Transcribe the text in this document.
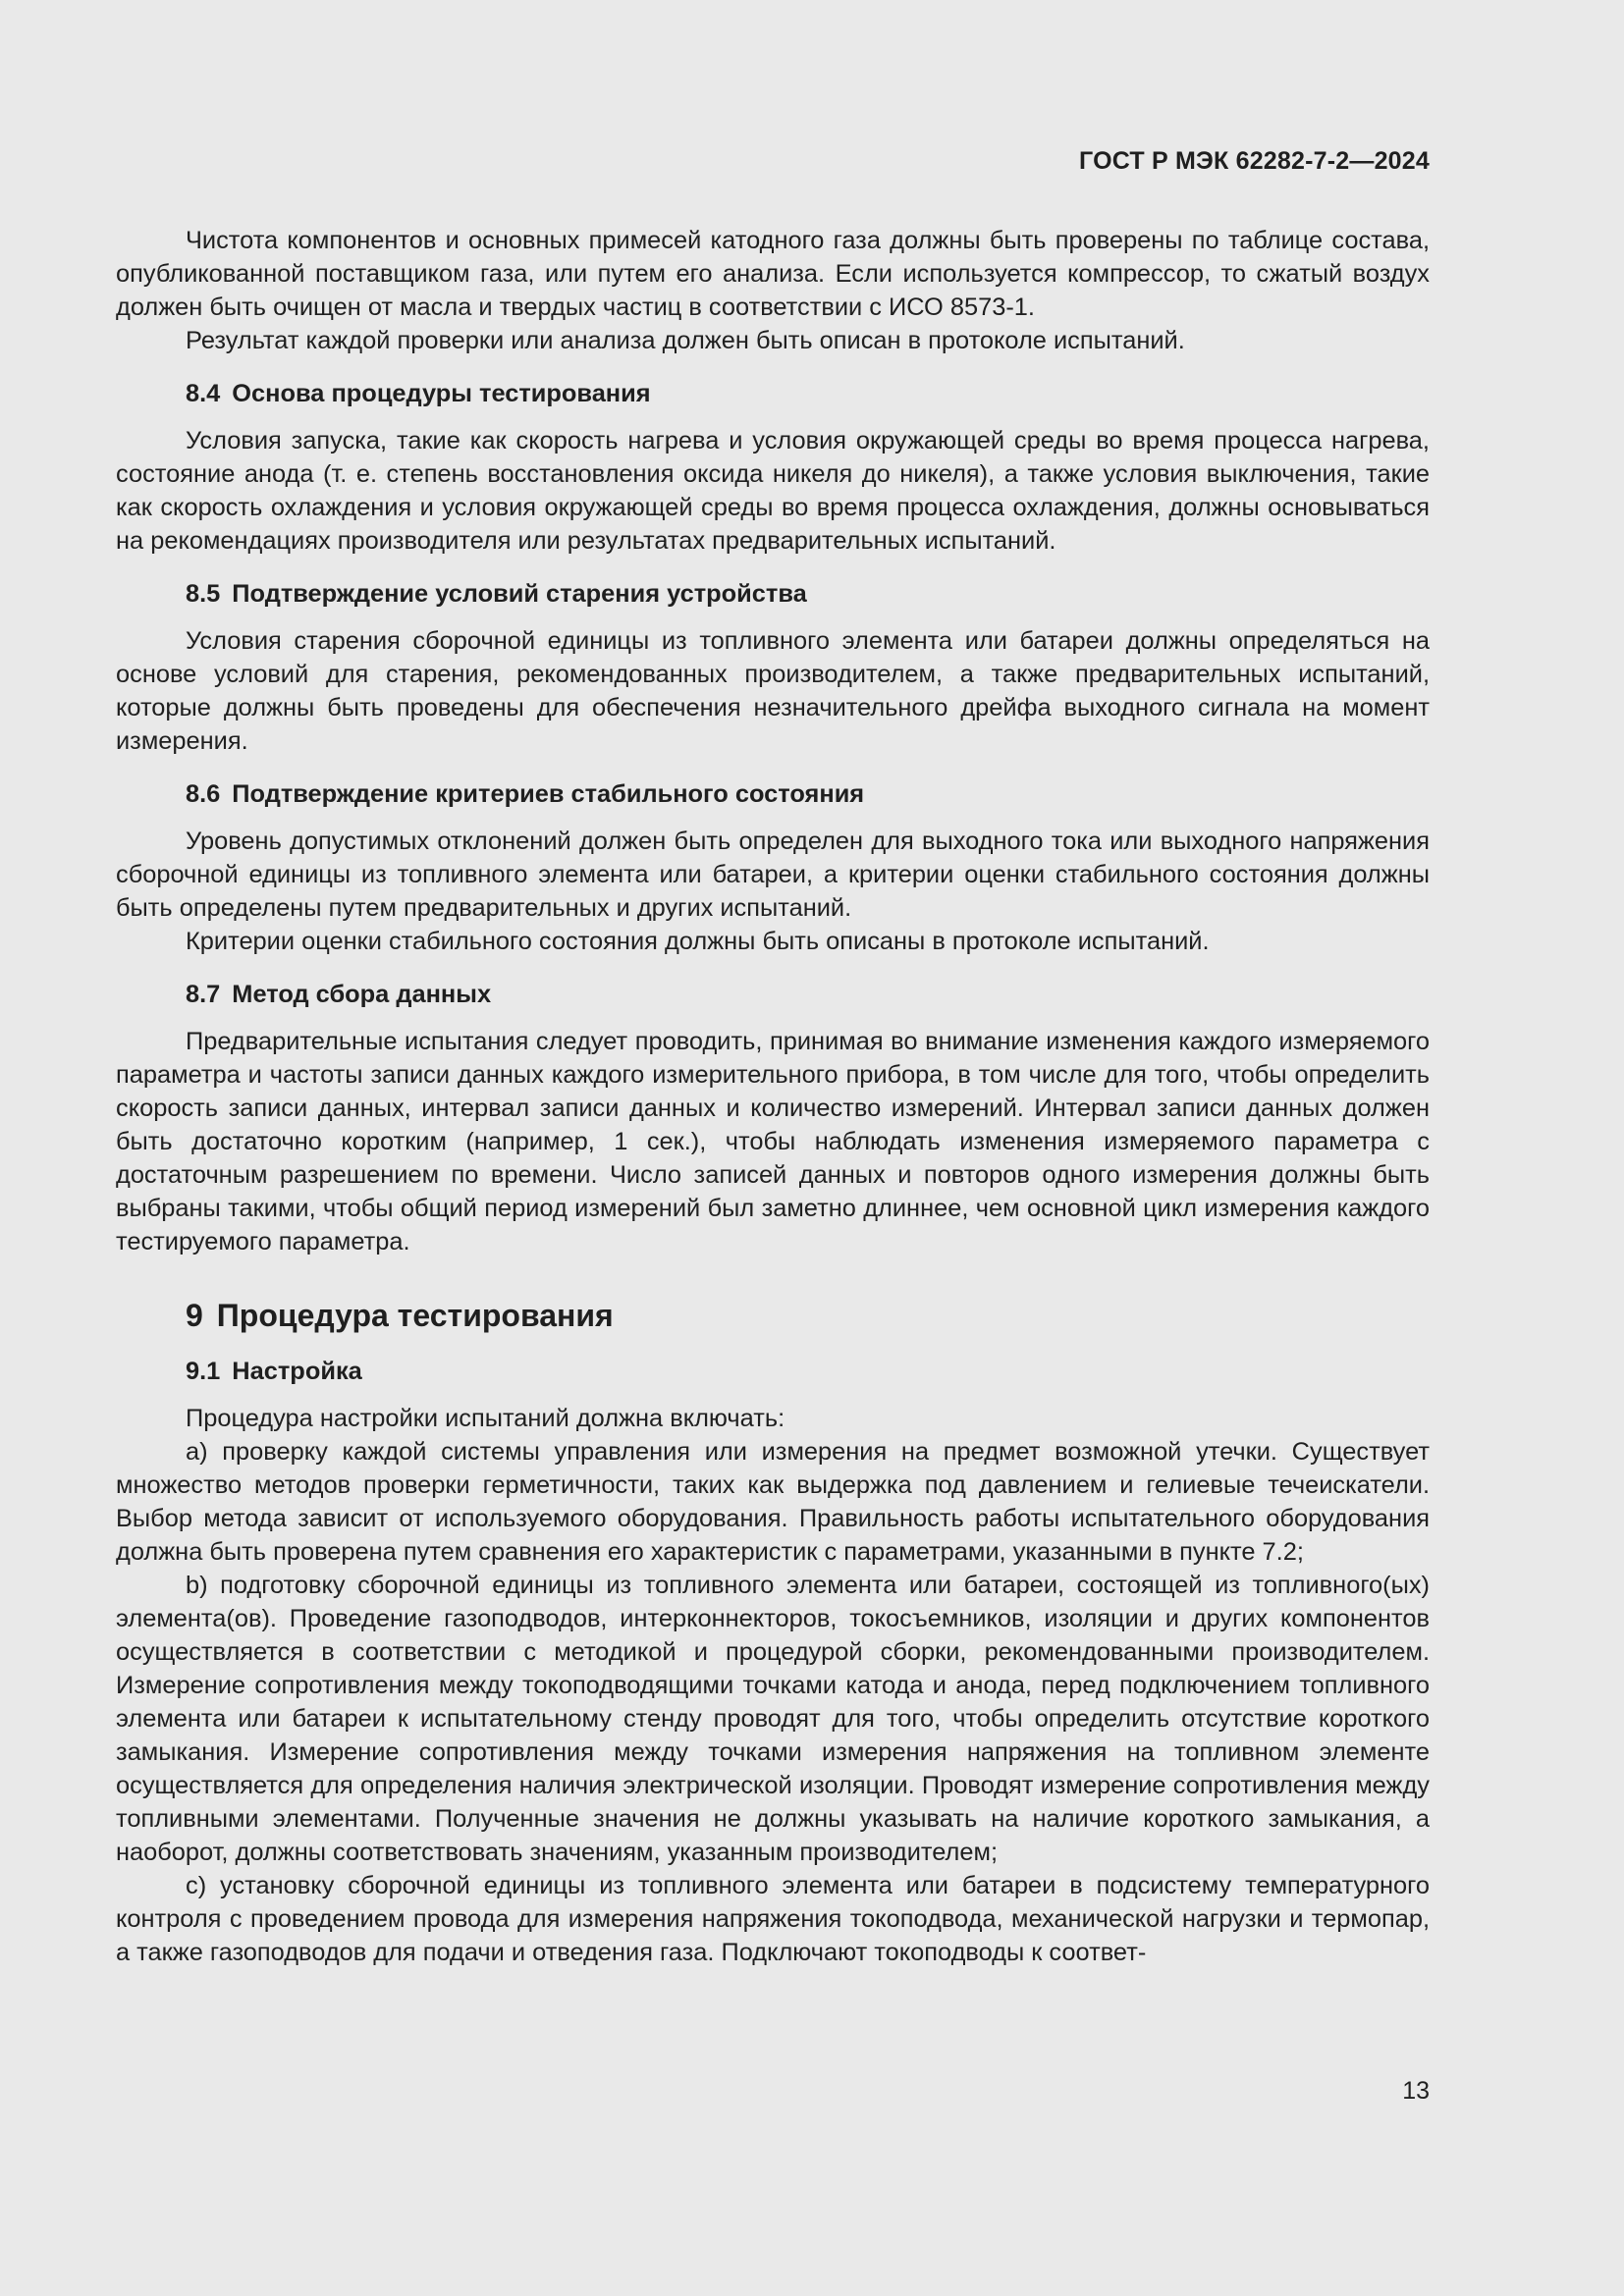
ГОСТ Р МЭК 62282-7-2—2024

Чистота компонентов и основных примесей катодного газа должны быть проверены по таблице состава, опубликованной поставщиком газа, или путем его анализа. Если используется компрессор, то сжатый воздух должен быть очищен от масла и твердых частиц в соответствии с ИСО 8573-1.

Результат каждой проверки или анализа должен быть описан в протоколе испытаний.

8.4 Основа процедуры тестирования

Условия запуска, такие как скорость нагрева и условия окружающей среды во время процесса нагрева, состояние анода (т. е. степень восстановления оксида никеля до никеля), а также условия выключения, такие как скорость охлаждения и условия окружающей среды во время процесса охлаждения, должны основываться на рекомендациях производителя или результатах предварительных испытаний.

8.5 Подтверждение условий старения устройства

Условия старения сборочной единицы из топливного элемента или батареи должны определяться на основе условий для старения, рекомендованных производителем, а также предварительных испытаний, которые должны быть проведены для обеспечения незначительного дрейфа выходного сигнала на момент измерения.

8.6 Подтверждение критериев стабильного состояния

Уровень допустимых отклонений должен быть определен для выходного тока или выходного напряжения сборочной единицы из топливного элемента или батареи, а критерии оценки стабильного состояния должны быть определены путем предварительных и других испытаний.

Критерии оценки стабильного состояния должны быть описаны в протоколе испытаний.

8.7 Метод сбора данных

Предварительные испытания следует проводить, принимая во внимание изменения каждого измеряемого параметра и частоты записи данных каждого измерительного прибора, в том числе для того, чтобы определить скорость записи данных, интервал записи данных и количество измерений. Интервал записи данных должен быть достаточно коротким (например, 1 сек.), чтобы наблюдать изменения измеряемого параметра с достаточным разрешением по времени. Число записей данных и повторов одного измерения должны быть выбраны такими, чтобы общий период измерений был заметно длиннее, чем основной цикл измерения каждого тестируемого параметра.

9 Процедура тестирования
9.1 Настройка

Процедура настройки испытаний должна включать:

a) проверку каждой системы управления или измерения на предмет возможной утечки. Существует множество методов проверки герметичности, таких как выдержка под давлением и гелиевые течеискатели. Выбор метода зависит от используемого оборудования. Правильность работы испытательного оборудования должна быть проверена путем сравнения его характеристик с параметрами, указанными в пункте 7.2;

b) подготовку сборочной единицы из топливного элемента или батареи, состоящей из топливного(ых) элемента(ов). Проведение газоподводов, интерконнекторов, токосъемников, изоляции и других компонентов осуществляется в соответствии с методикой и процедурой сборки, рекомендованными производителем. Измерение сопротивления между токоподводящими точками катода и анода, перед подключением топливного элемента или батареи к испытательному стенду проводят для того, чтобы определить отсутствие короткого замыкания. Измерение сопротивления между точками измерения напряжения на топливном элементе осуществляется для определения наличия электрической изоляции. Проводят измерение сопротивления между топливными элементами. Полученные значения не должны указывать на наличие короткого замыкания, а наоборот, должны соответствовать значениям, указанным производителем;

c) установку сборочной единицы из топливного элемента или батареи в подсистему температурного контроля с проведением провода для измерения напряжения токоподвода, механической нагрузки и термопар, а также газоподводов для подачи и отведения газа. Подключают токоподводы к соответ-

13
